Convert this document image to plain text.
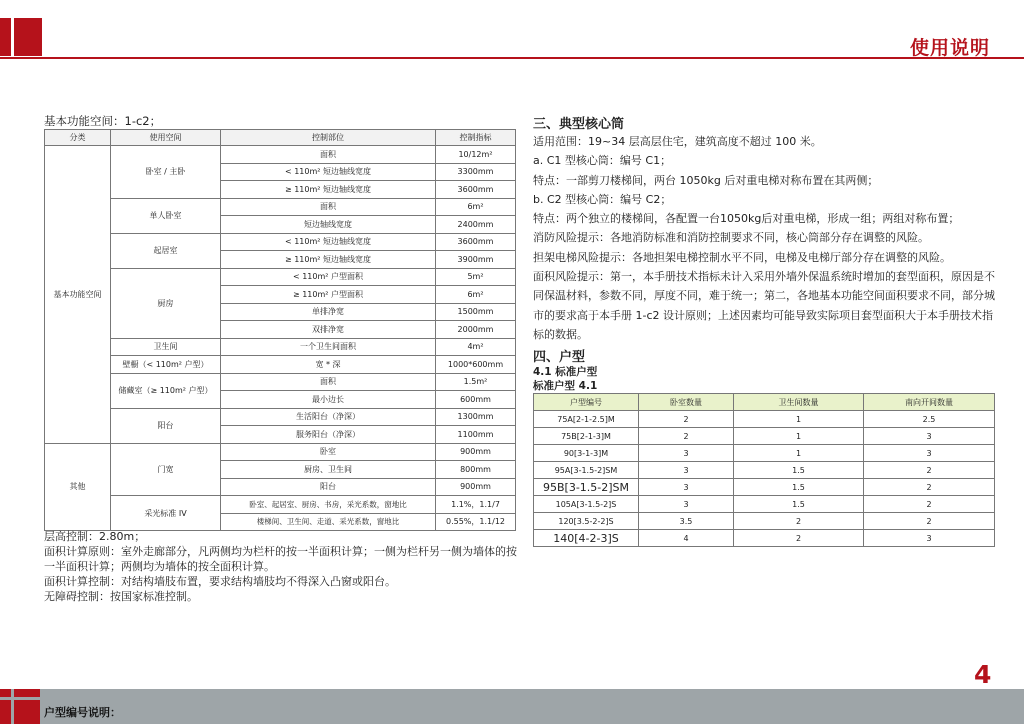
使用说明
基本功能空间：1-c2；
分类	使用空间	控制部位	控制指标
基本功能空间	卧室 / 主卧	面积	10/12m²
		< 110m² 短边轴线宽度	3300mm
		≥ 110m² 短边轴线宽度	3600mm
	单人卧室	面积	6m²
		短边轴线宽度	2400mm
	起居室	< 110m² 短边轴线宽度	3600mm
		≥ 110m² 短边轴线宽度	3900mm
	厨房	< 110m² 户型面积	5m²
		≥ 110m² 户型面积	6m²
		单排净宽	1500mm
		双排净宽	2000mm
	卫生间	一个卫生间面积	4m²
	壁橱（< 110m² 户型）	宽 * 深	1000*600mm
	储藏室（≥ 110m² 户型）	面积	1.5m²
		最小边长	600mm
	阳台	生活阳台（净深）	1300mm
		服务阳台（净深）	1100mm
其他	门宽	卧室	900mm
		厨房、卫生间	800mm
		阳台	900mm
	采光标准 IV	卧室、起居室、厨房、书房，采光系数，窗地比	1.1%，1.1/7
		楼梯间、卫生间、走道、采光系数，窗地比	0.55%，1.1/12

层高控制：2.80m；

面积计算原则：室外走廊部分，凡两侧均为栏杆的按一半面积计算；一侧为栏杆另一侧为墙体的按一半面积计算；两侧均为墙体的按全面积计算。

面积计算控制：对结构墙肢布置，要求结构墙肢均不得深入凸窗或阳台。

无障碍控制：按国家标准控制。

三、典型核心筒
适用范围：19~34 层高层住宅，建筑高度不超过 100 米。
a. C1 型核心筒：编号 C1；
特点：一部剪刀楼梯间，两台 1050kg 后对重电梯对称布置在其两侧；
b. C2 型核心筒：编号 C2；
特点：两个独立的楼梯间，各配置一台1050kg后对重电梯，形成一组；两组对称布置；
消防风险提示：各地消防标准和消防控制要求不同，核心筒部分存在调整的风险。
担架电梯风险提示：各地担架电梯控制水平不同，电梯及电梯厅部分存在调整的风险。
面积风险提示：第一，本手册技术指标未计入采用外墙外保温系统时增加的套型面积，原因是不同保温材料，参数不同，厚度不同，难于统一；第二，各地基本功能空间面积要求不同，部分城市的要求高于本手册 1-c2 设计原则；上述因素均可能导致实际项目套型面积大于本手册技术指标的数据。
四、户型
4.1 标准户型
标准户型 4.1
户型编号	卧室数量	卫生间数量	南向开间数量
75A[2-1-2.5]M	2	1	2.5
75B[2-1-3]M	2	1	3
90[3-1-3]M	3	1	3
95A[3-1.5-2]SM	3	1.5	2
95B[3-1.5-2]SM	3	1.5	2
105A[3-1.5-2]S	3	1.5	2
120[3.5-2-2]S	3.5	2	2
140[4-2-3]S	4	2	3
4
户型编号说明：
